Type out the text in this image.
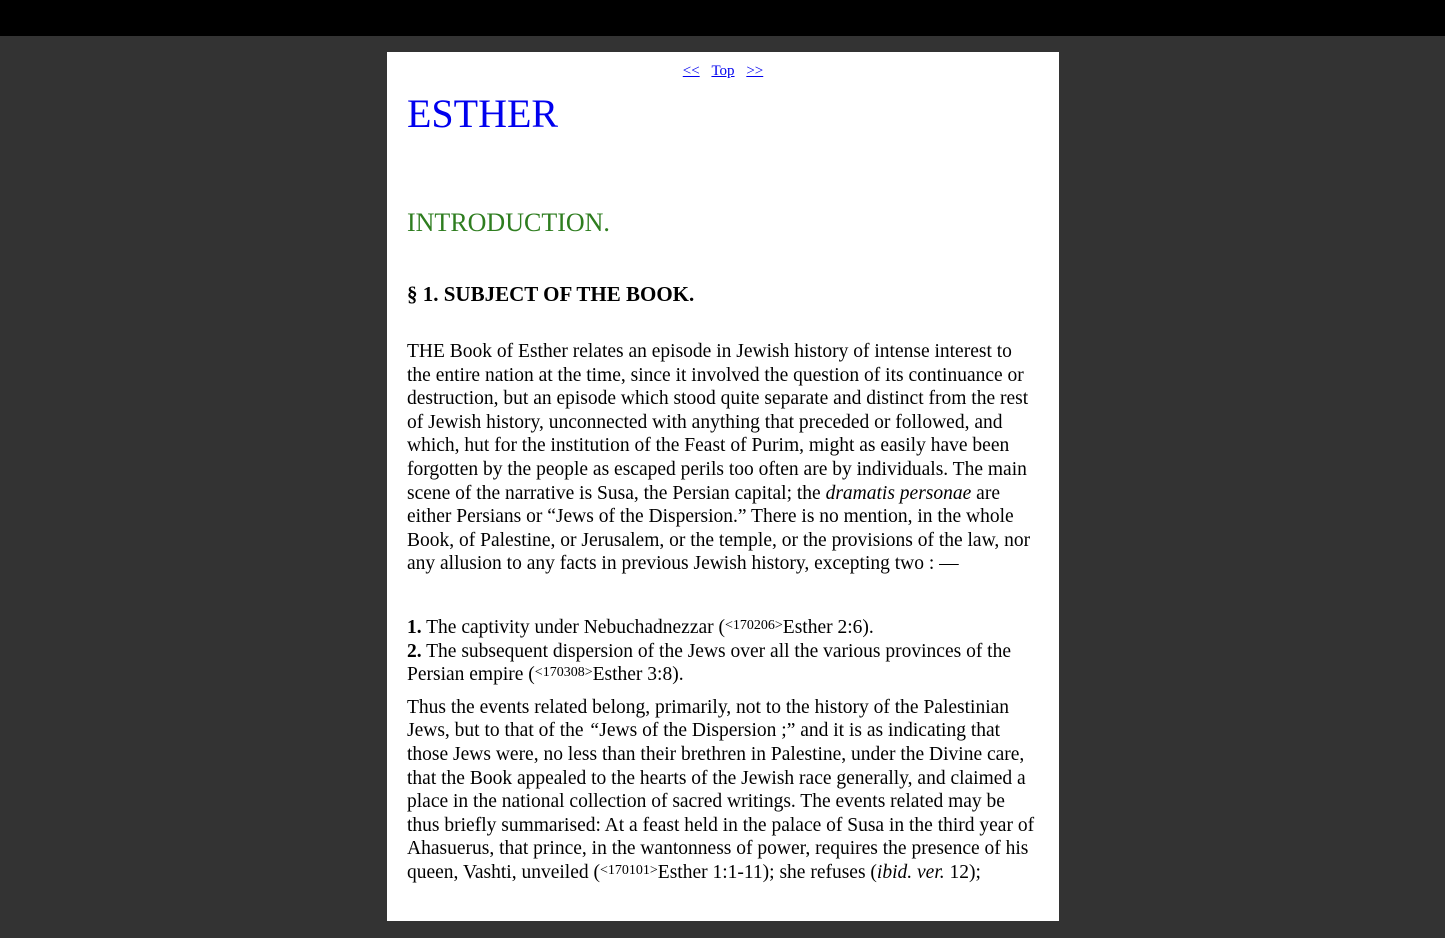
<< Top >>
ESTHER
INTRODUCTION.
§ 1. SUBJECT OF THE BOOK.

THE Book of Esther relates an episode in Jewish history of intense interest to the entire nation at the time, since it involved the question of its continuance or destruction, but an episode which stood quite separate and distinct from the rest of Jewish history, unconnected with anything that preceded or followed, and which, hut for the institution of the Feast of Purim, might as easily have been forgotten by the people as escaped perils too often are by individuals. The main scene of the narrative is Susa, the Persian capital; the dramatis personae are either Persians or “Jews of the Dispersion.” There is no mention, in the whole Book, of Palestine, or Jerusalem, or the temple, or the provisions of the law, nor any allusion to any facts in previous Jewish history, excepting two : —

1. The captivity under Nebuchadnezzar ($^{<170206>}$Esther 2:6).
2. The subsequent dispersion of the Jews over all the various provinces of the Persian empire ($^{<170308>}$Esther 3:8).

Thus the events related belong, primarily, not to the history of the Palestinian Jews, but to that of the “Jews of the Dispersion ;” and it is as indicating that those Jews were, no less than their brethren in Palestine, under the Divine care, that the Book appealed to the hearts of the Jewish race generally, and claimed a place in the national collection of sacred writings. The events related may be thus briefly summarised: At a feast held in the palace of Susa in the third year of Ahasuerus, that prince, in the wantonness of power, requires the presence of his queen, Vashti, unveiled ($^{<170101>}$Esther 1:1-11); she refuses (ibid. ver. 12);
